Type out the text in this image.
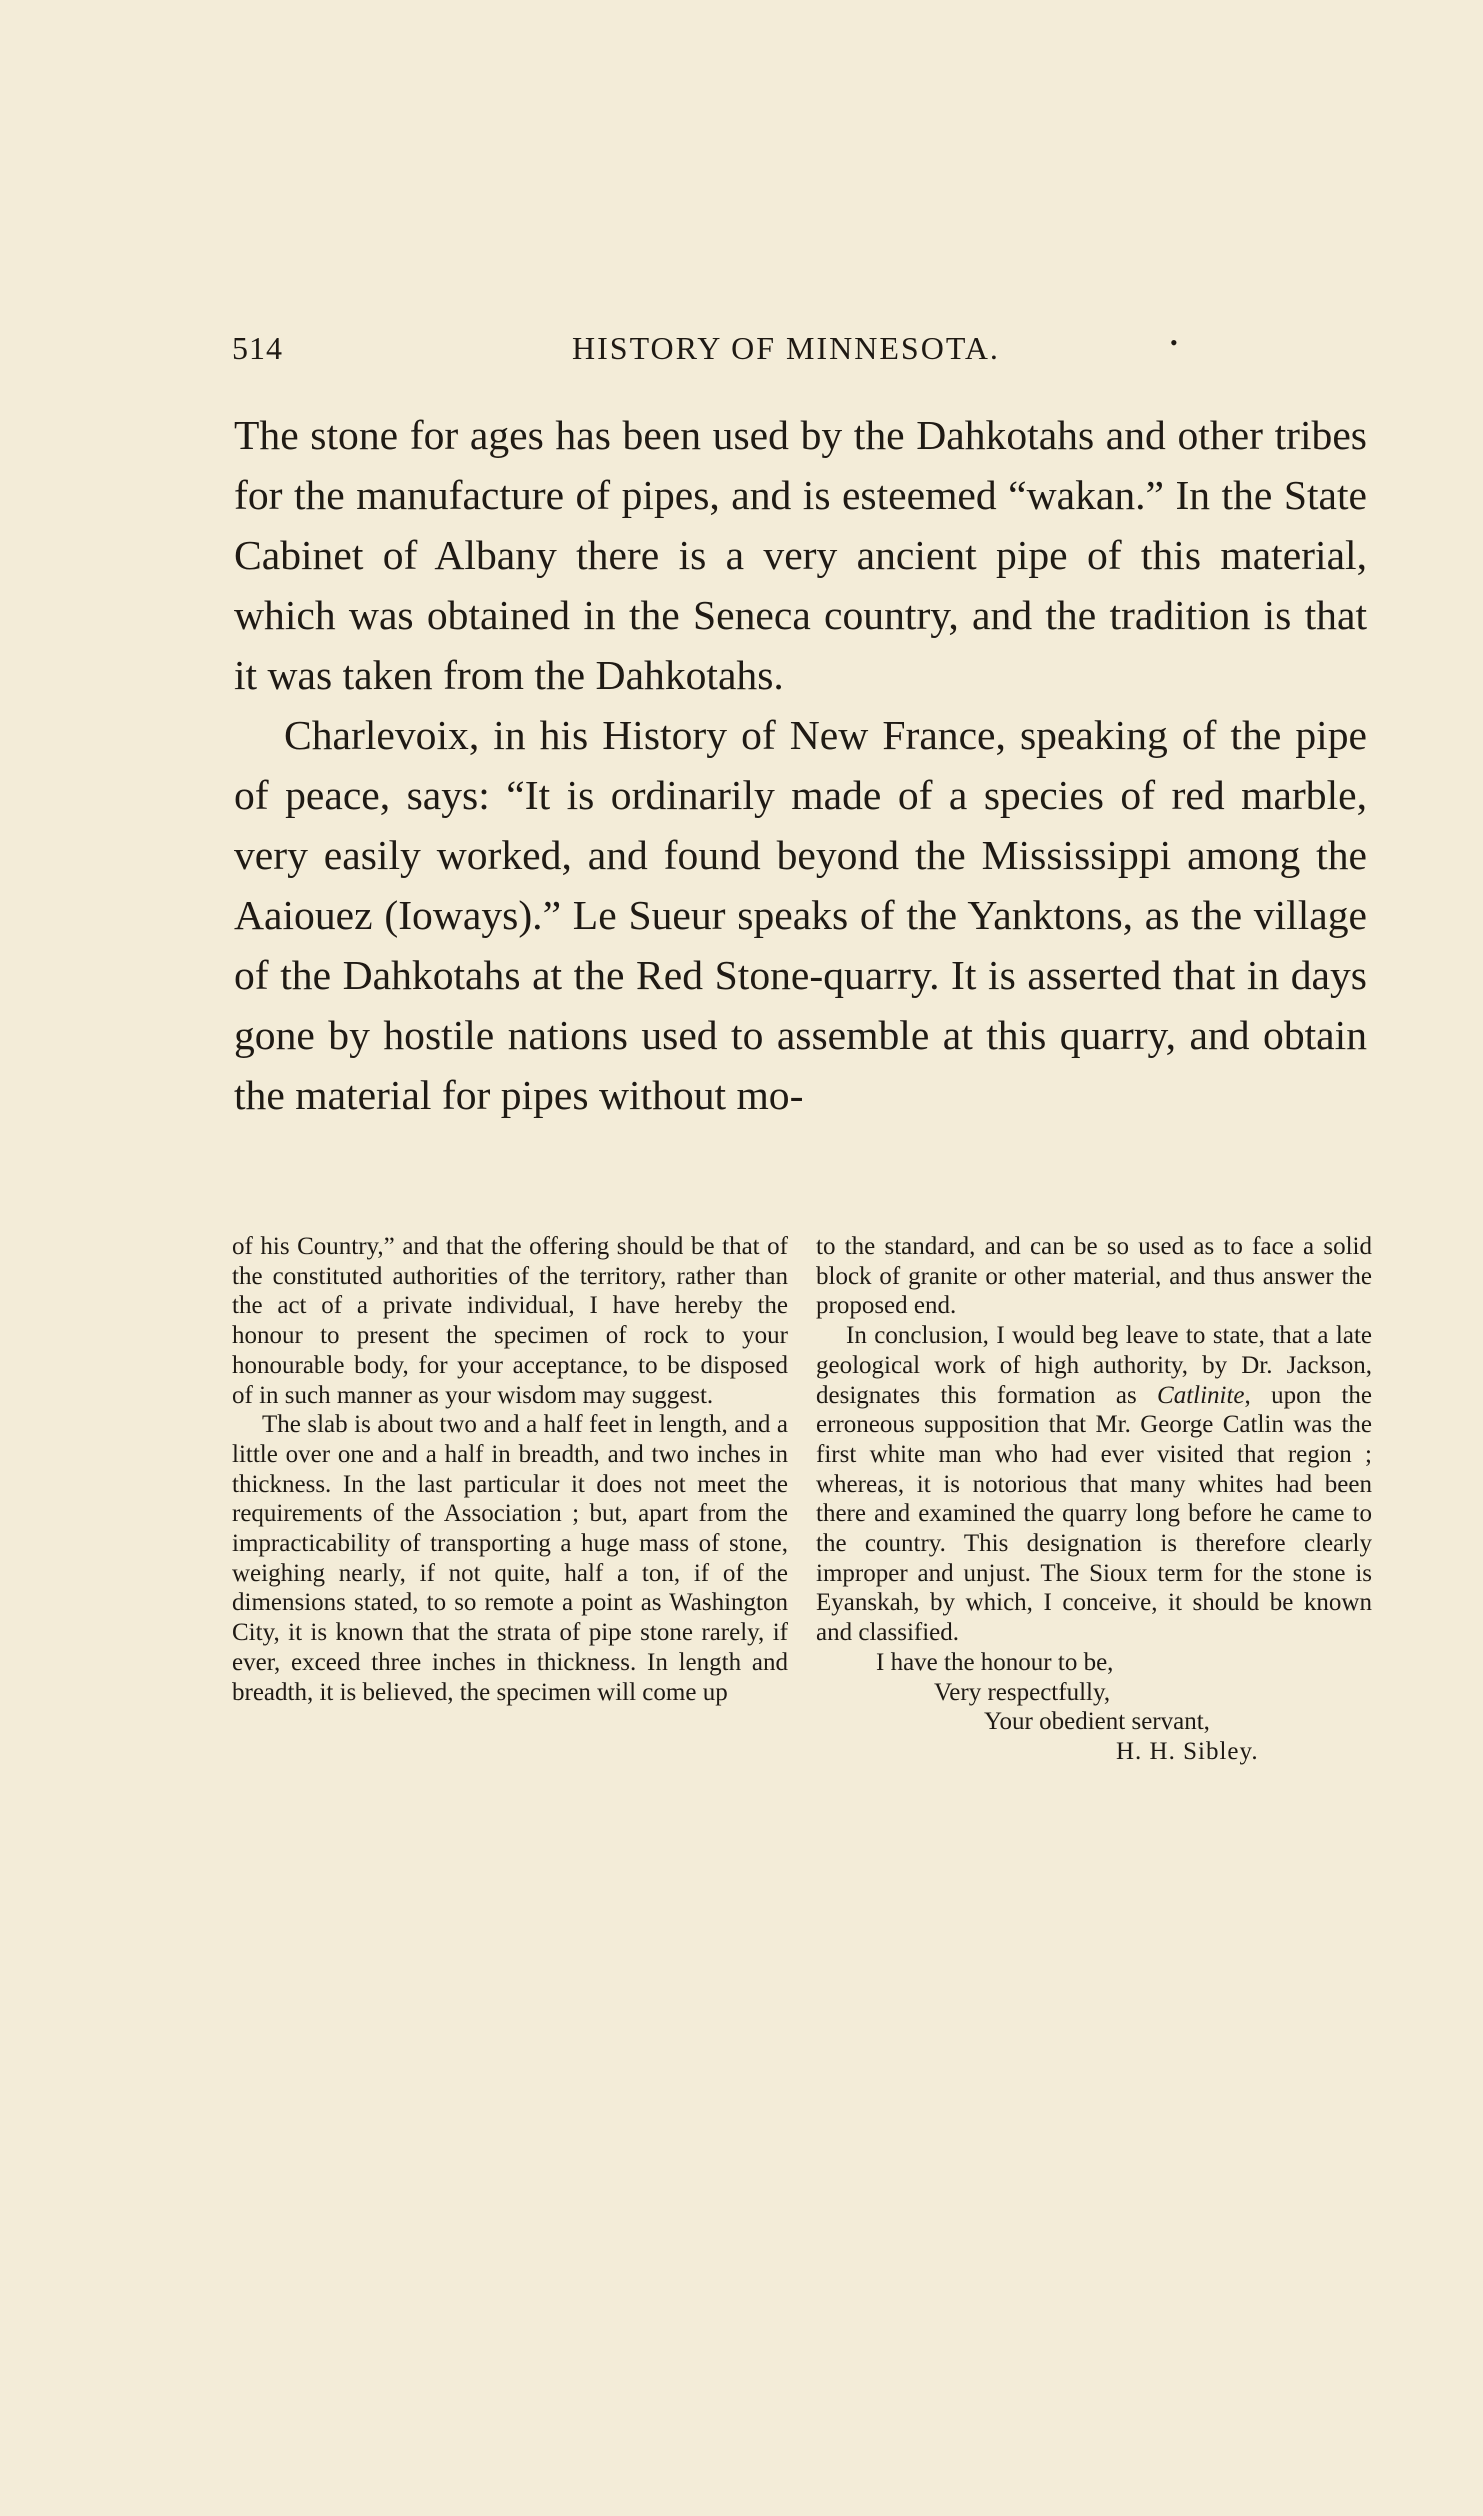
514	HISTORY OF MINNESOTA.	•

The stone for ages has been used by the Dahkotahs and other tribes for the manufacture of pipes, and is esteemed “wakan.” In the State Cabinet of Albany there is a very ancient pipe of this material, which was obtained in the Seneca country, and the tradition is that it was taken from the Dahkotahs.

Charlevoix, in his History of New France, speaking of the pipe of peace, says: “It is ordinarily made of a species of red marble, very easily worked, and found beyond the Mississippi among the Aaiouez (Ioways).” Le Sueur speaks of the Yanktons, as the village of the Dahkotahs at the Red Stone-quarry. It is asserted that in days gone by hostile nations used to assemble at this quarry, and obtain the material for pipes without mo-

of his Country,” and that the offering should be that of the constituted authorities of the territory, rather than the act of a private individual, I have hereby the honour to present the specimen of rock to your honourable body, for your acceptance, to be disposed of in such manner as your wisdom may suggest.

The slab is about two and a half feet in length, and a little over one and a half in breadth, and two inches in thickness. In the last particular it does not meet the requirements of the Association ; but, apart from the impracticability of transporting a huge mass of stone, weighing nearly, if not quite, half a ton, if of the dimensions stated, to so remote a point as Washington City, it is known that the strata of pipe stone rarely, if ever, exceed three inches in thickness. In length and breadth, it is believed, the specimen will come up

to the standard, and can be so used as to face a solid block of granite or other material, and thus answer the proposed end.

In conclusion, I would beg leave to state, that a late geological work of high authority, by Dr. Jackson, designates this formation as Catlinite, upon the erroneous supposition that Mr. George Catlin was the first white man who had ever visited that region ; whereas, it is notorious that many whites had been there and examined the quarry long before he came to the country. This designation is therefore clearly improper and unjust. The Sioux term for the stone is Eyanskah, by which, I conceive, it should be known and classified.

I have the honour to be,
Very respectfully,
Your obedient servant,
H. H. Sibley.
